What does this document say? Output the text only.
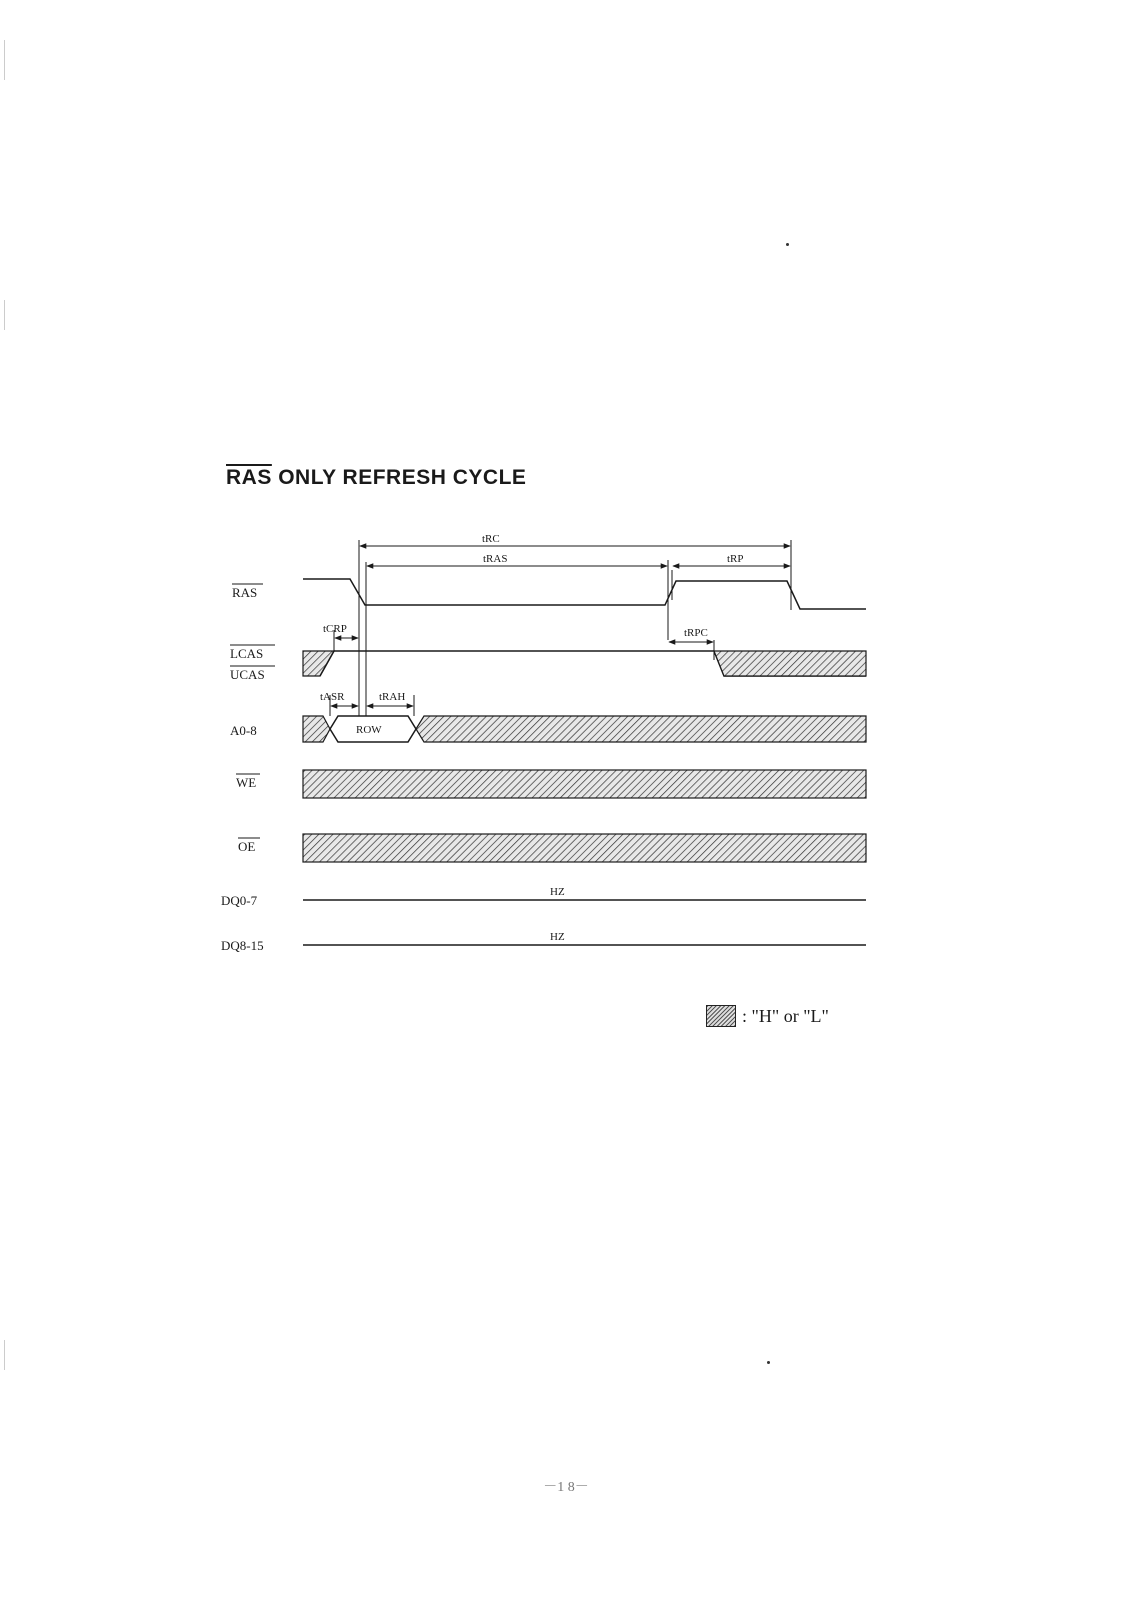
$\overline{RAS}$ ONLY REFRESH CYCLE
RAS
LCAS
UCAS
A0-8
WE
OE
DQ0-7
DQ8-15
tRC
tRAS	tRP
tCRP	tRPC
tASR	tRAH
ROW
HZ
HZ
: "H" or "L"
－1 8－
